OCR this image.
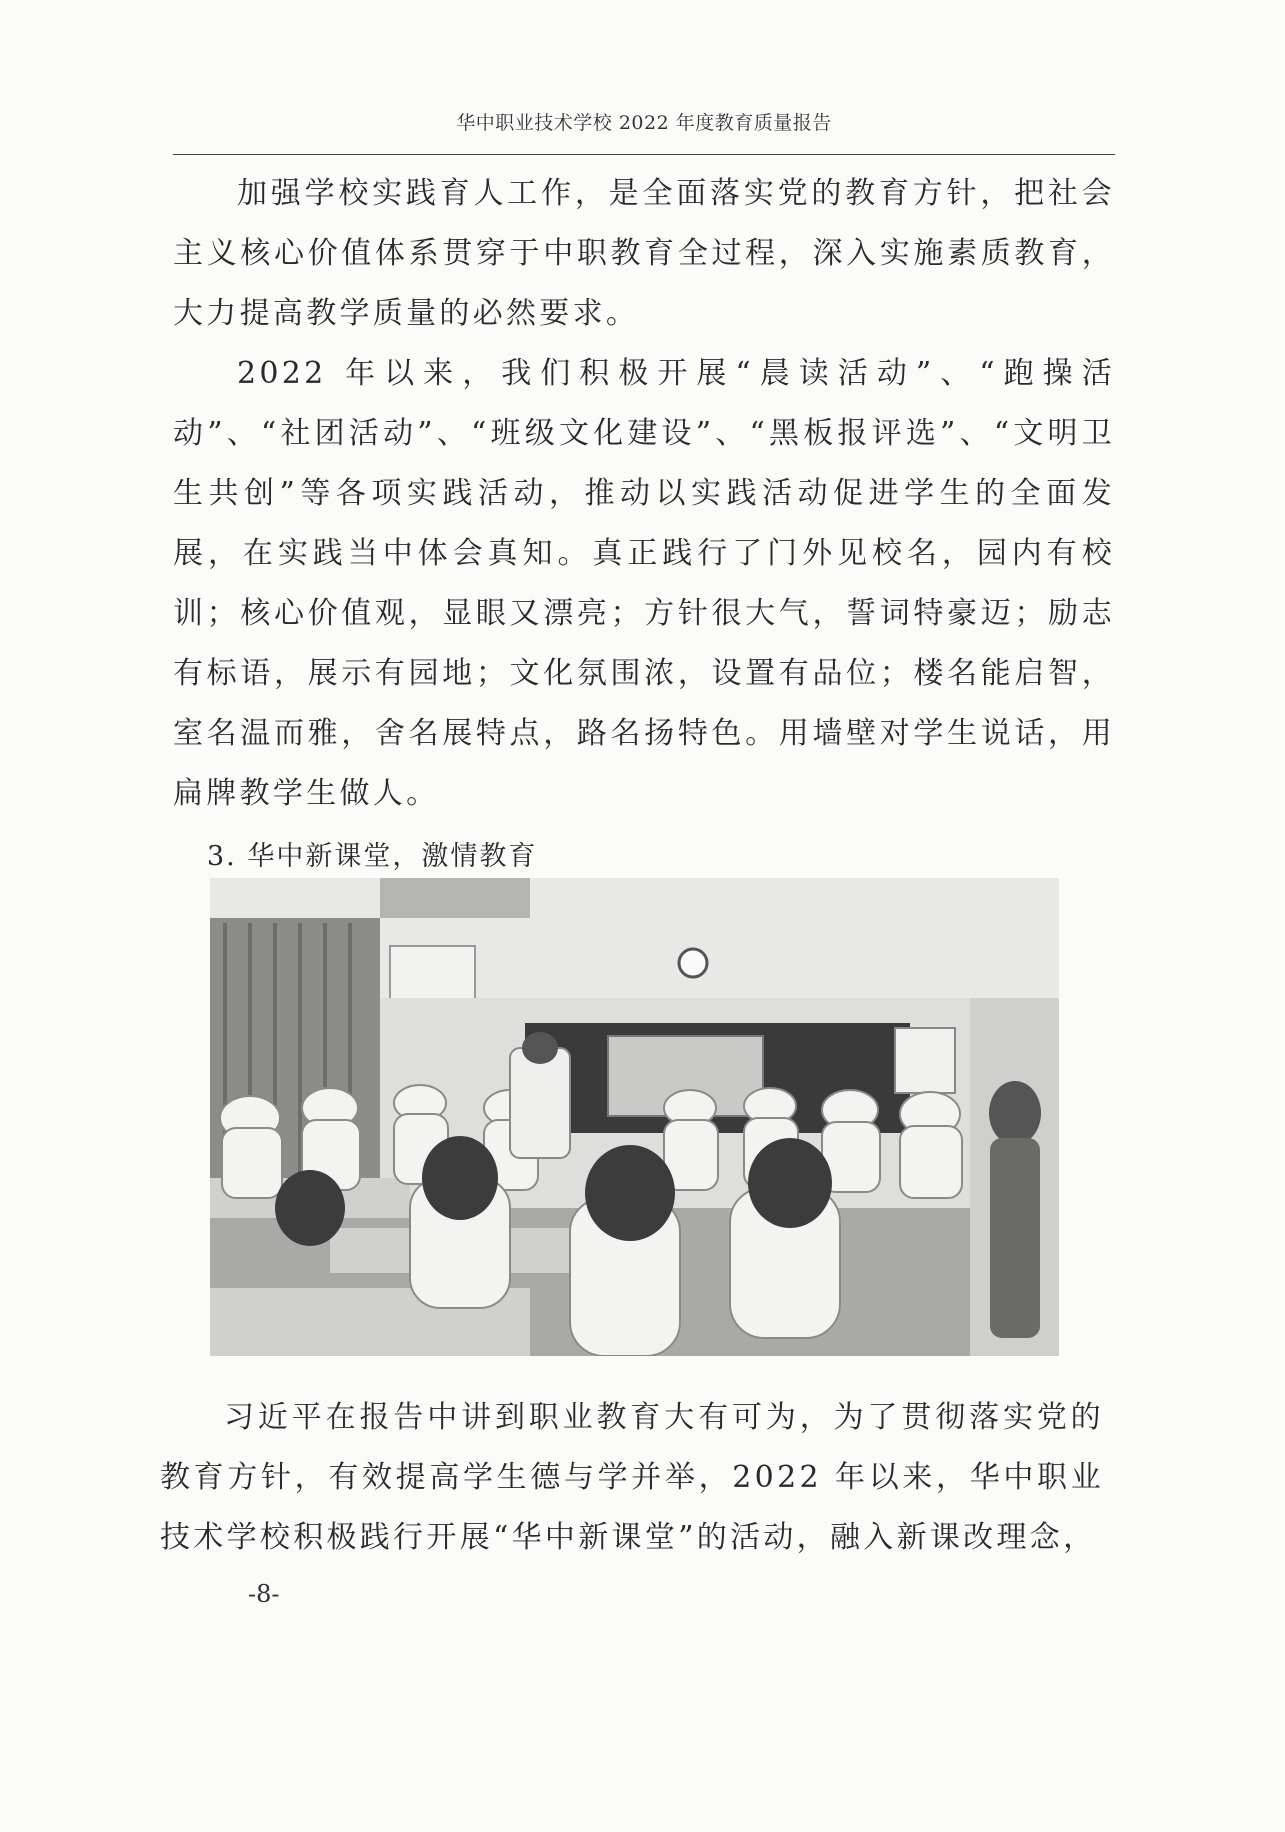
华中职业技术学校 2022 年度教育质量报告

加强学校实践育人工作，是全面落实党的教育方针，把社会主义核心价值体系贯穿于中职教育全过程，深入实施素质教育，大力提高教学质量的必然要求。

2022 年以来，我们积极开展“晨读活动”、“跑操活动”、“社团活动”、“班级文化建设”、“黑板报评选”、“文明卫生共创”等各项实践活动，推动以实践活动促进学生的全面发展，在实践当中体会真知。真正践行了门外见校名，园内有校训；核心价值观，显眼又漂亮；方针很大气，誓词特豪迈；励志有标语，展示有园地；文化氛围浓，设置有品位；楼名能启智，室名温而雅，舍名展特点，路名扬特色。用墙壁对学生说话，用扁牌教学生做人。

3. 华中新课堂，激情教育

习近平在报告中讲到职业教育大有可为，为了贯彻落实党的教育方针，有效提高学生德与学并举，2022 年以来，华中职业技术学校积极践行开展“华中新课堂”的活动，融入新课改理念，

-8-
